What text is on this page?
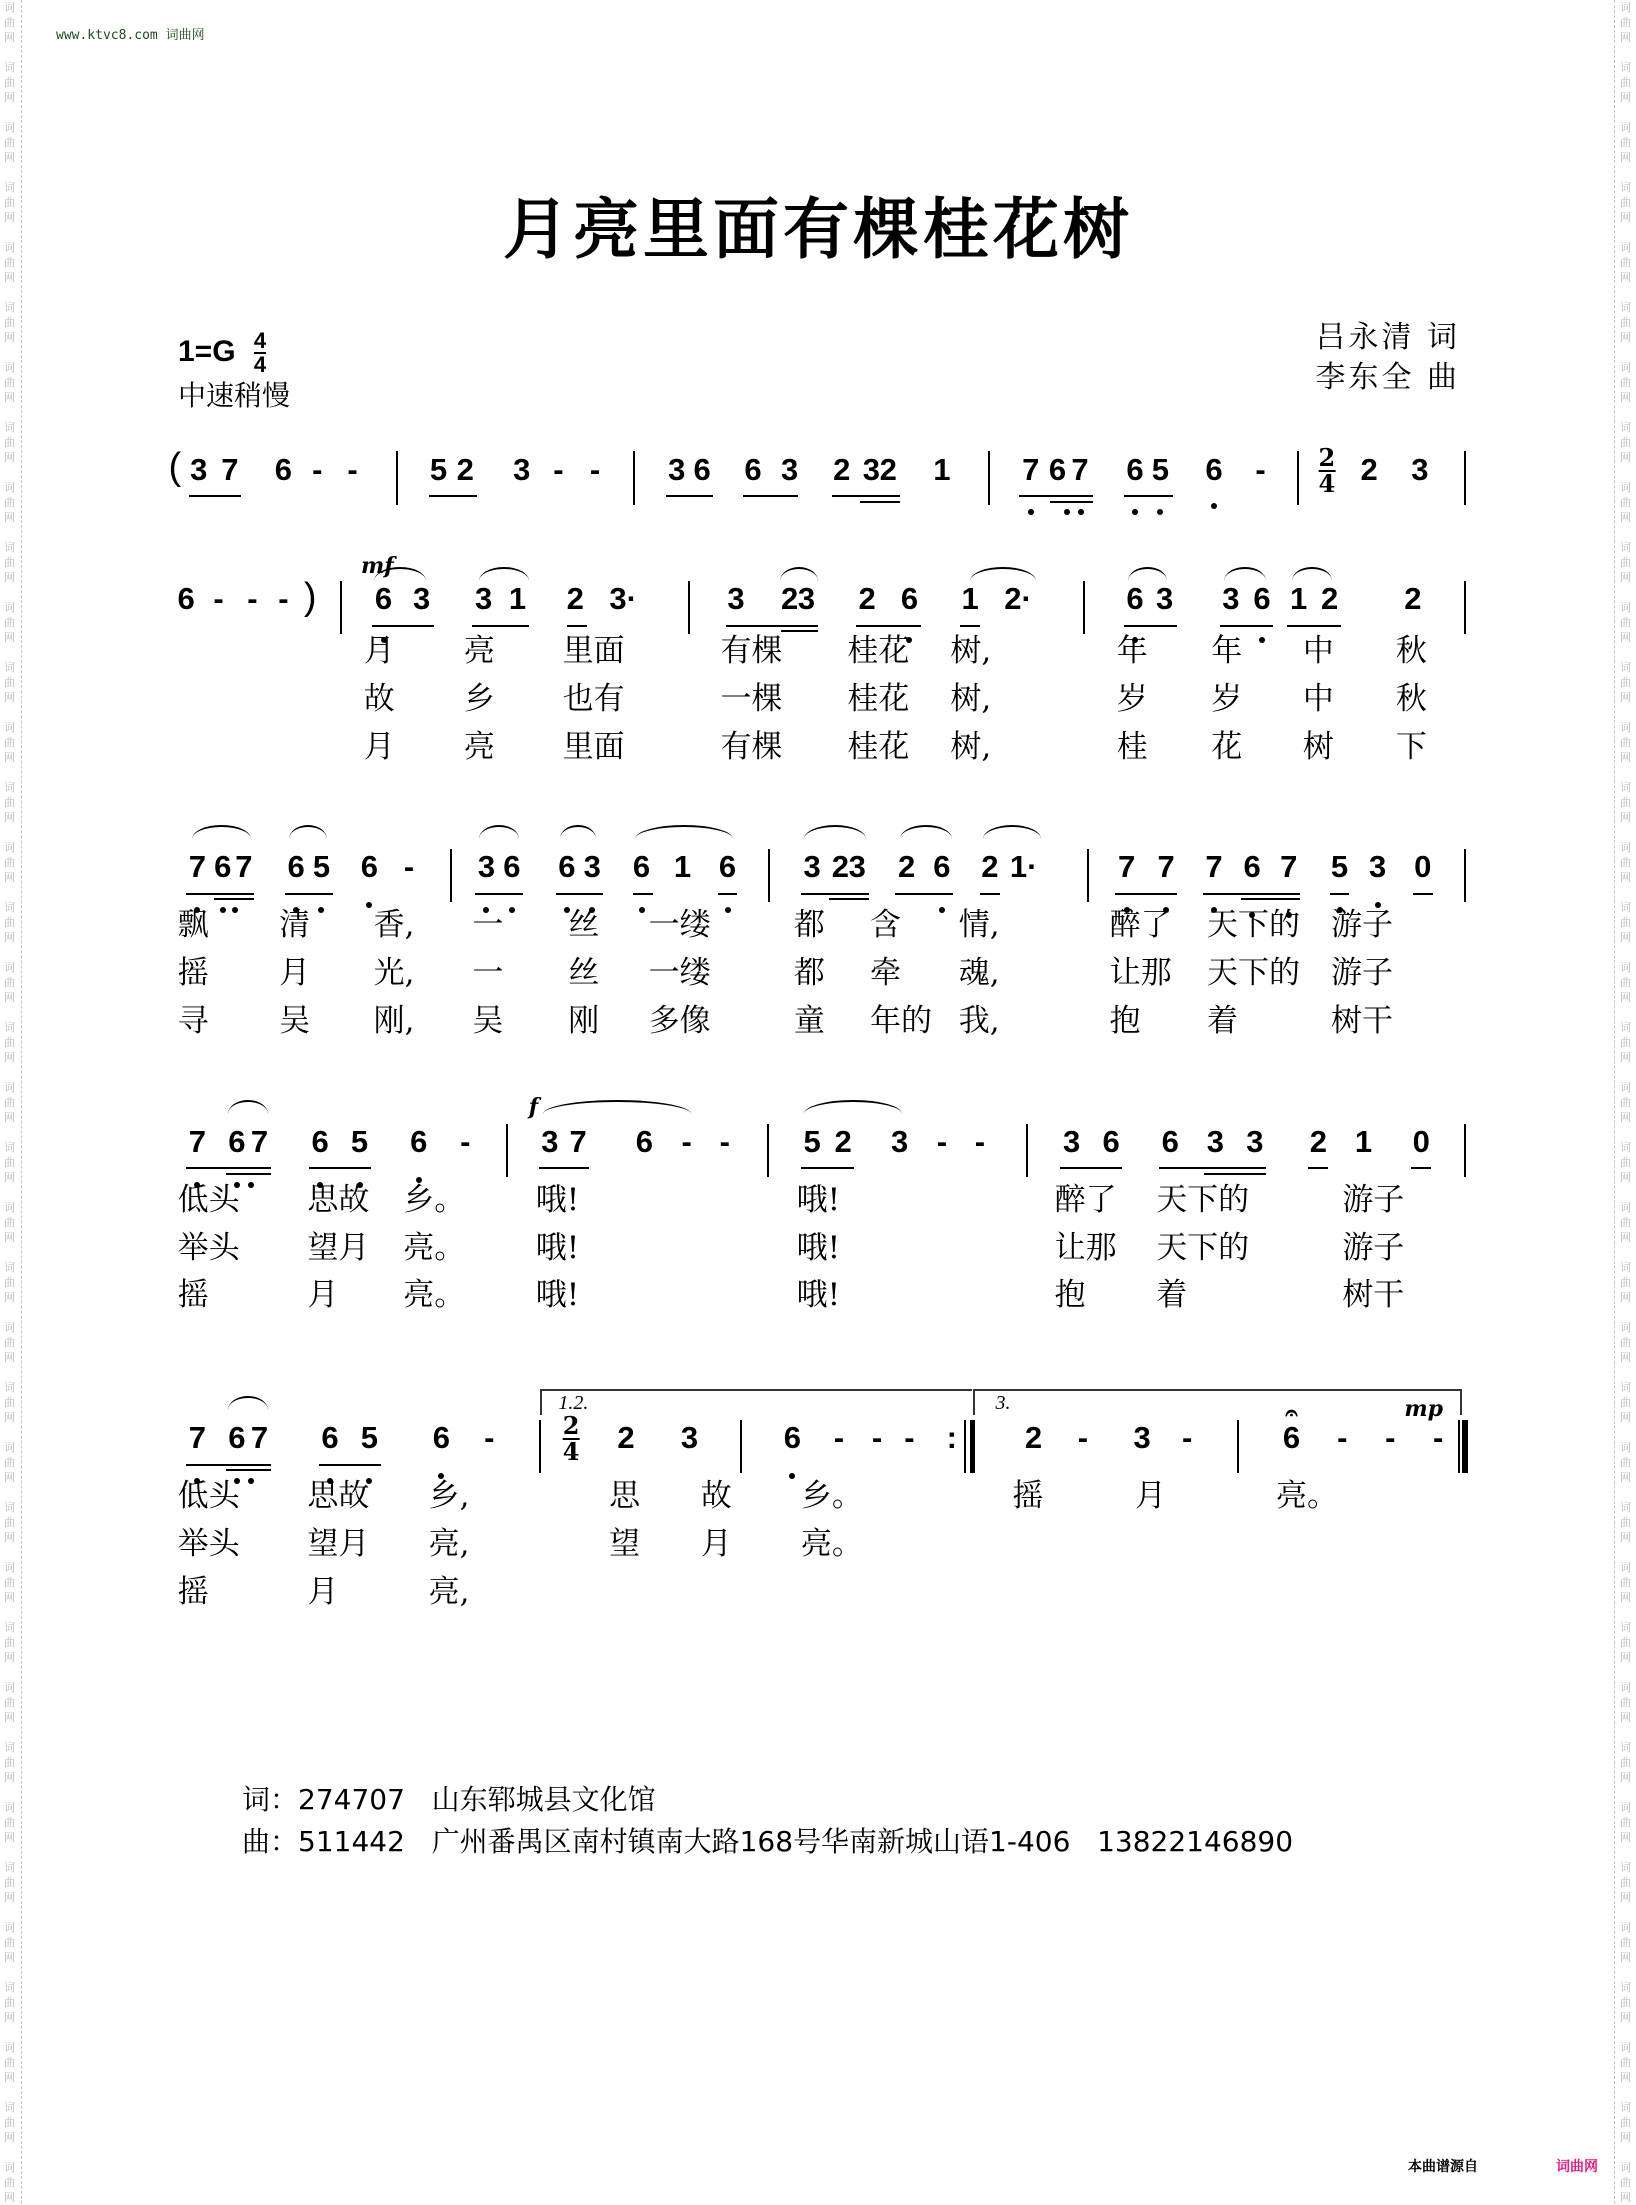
词
曲
网
词
曲
网
词
曲
网
词
曲
网
词
曲
网
词
曲
网
词
曲
网
词
曲
网
词
曲
网
词
曲
网
词
曲
网
词
曲
网
词
曲
网
词
曲
网
词
曲
网
词
曲
网
词
曲
网
词
曲
网
词
曲
网
词
曲
网
词
曲
网
词
曲
网
词
曲
网
词
曲
网
词
曲
网
词
曲
网
词
曲
网
词
曲
网
词
曲
网
词
曲
网
词
曲
网
词
曲
网
词
曲
网
词
曲
网
词
曲
网
词
曲
网
词
曲
网
词
曲
网
词
曲
网
词
曲
网
词
曲
网
词
曲
网
词
曲
网
词
曲
网
词
曲
网
词
曲
网
词
曲
网
词
曲
网
词
曲
网
词
曲
网
词
曲
网
词
曲
网
词
曲
网
词
曲
网
词
曲
网
词
曲
网
词
曲
网
词
曲
网
词
曲
网
词
曲
网
词
曲
网
词
曲
网
词
曲
网
词
曲
网
词
曲
网
词
曲
网
词
曲
网
词
曲
网
词
曲
网
词
曲
网
词
曲
网
词
曲
网
词
曲
网
词
曲
网
www.ktvc8.com 词曲网
月亮里面有棵桂花树
$1=G \frac{4}{4}$
中速稍慢
吕永清 词
李东全 曲
( 3 7 6 - - 5 2 3 - - 3 6 6 3 2 3 2 1 7 6 7 6 5 6 - 2
4 2 3
6 - - - )
mf
6 3 3 1 2 3·	3 2 3 2 6 1 2·	6 3 3 6 1 2 2
月 亮 里面	有棵 桂花 树,	年 年 中 秋
故 乡 也有	一棵 桂花 树,	岁 岁 中 秋
月 亮 里面	有棵 桂花 树,	桂 花 树 下
7 6 7 6 5 6 - 3 6 6 3 6 1 6 3 2 3 2 6 2 1·	7 7 7 6 7 5 3 0
飘 清 香, 一 丝 一缕	都 含 情,	醉了 天下的 游子
摇 月 光, 一 丝 一缕	都 牵 魂,	让那 天下的 游子
寻 吴 刚, 吴 刚 多像	童 年的 我,	抱 着	树干
7 6 7 6 5 6 -
f
3 7 6 - - 5 2 3 - -	3 6 6 3 3 2 1 0
低头 思故 乡。 哦!	哦!	醉了 天下的	游子
举头 望月 亮。 哦!	哦!	让那 天下的	游子
摇	月 亮。 哦!	哦!	抱 着	树干
7 6 7 6 5 6 -
1.2.
2
4 2 3	6 - - - :
3.
2 - 3 -	6
𝄐
- - -
mp
低头 思故 乡,	思 故 乡。	摇	月	亮。
举头 望月 亮,	望 月 亮。
摇	月	亮,
词：274707   山东郓城县文化馆
曲：511442   广州番禺区南村镇南大路168号华南新城山语1-406   13822146890
本曲谱源自	词曲网
